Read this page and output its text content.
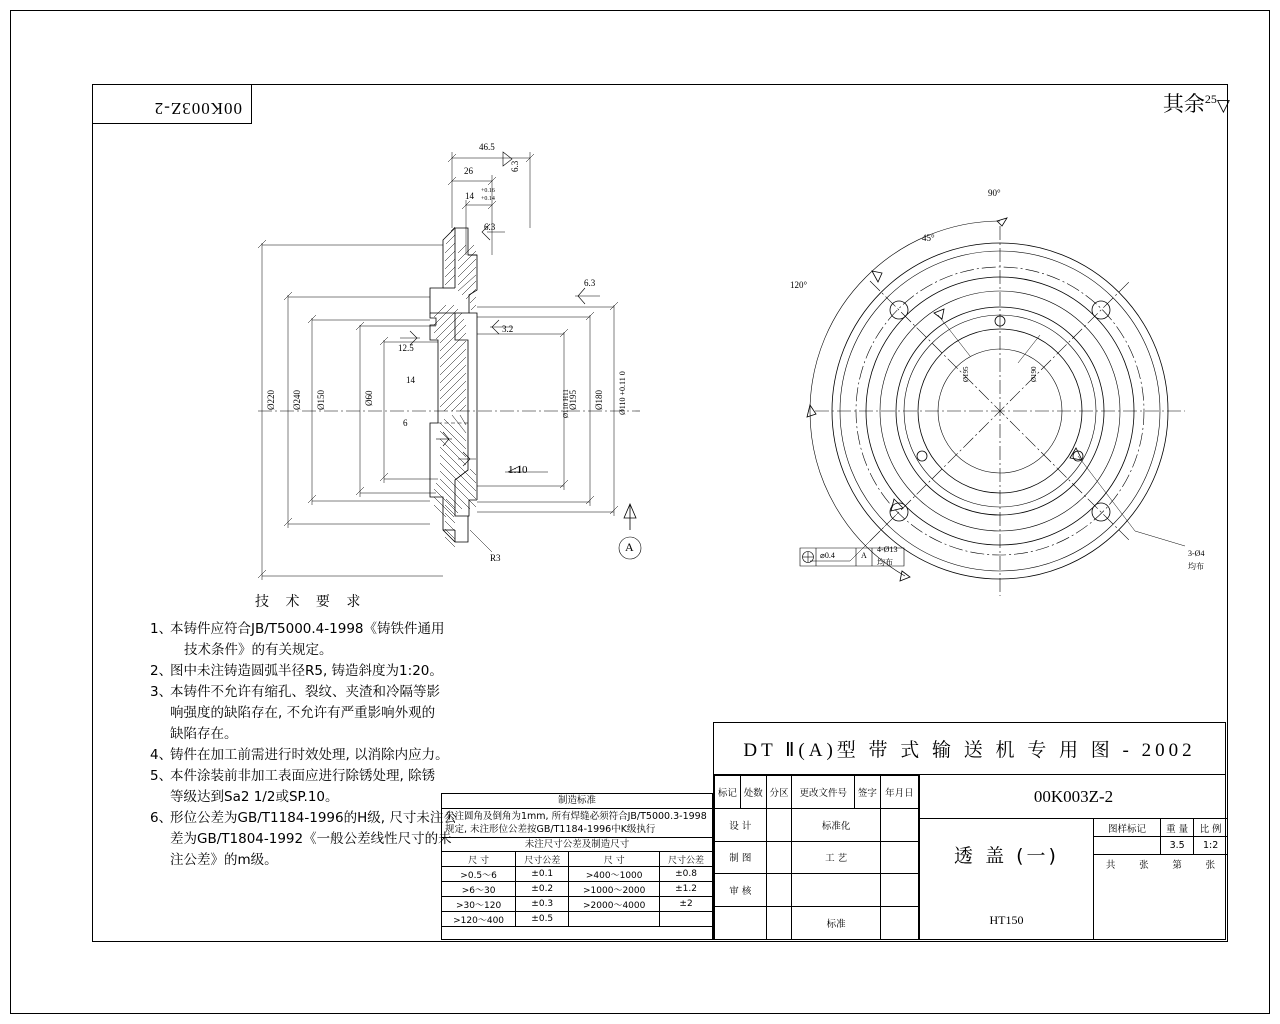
00K003Z-2	其余$^{25}$▽
46.5
26
14 +0.16
+0.14
6.3
6.3
6.3
3.2
12.5
Ø220 Ø240 Ø150	Ø60
14
6
Ø195 Ø180 Ø110 +0.11 0
Ø110 H11
1:10
R3
A
90°
45°
120°
Ø195	Ø190
⌀0.4	A
4-Ø13
均布
3-Ø4
均布
技 术 要 求
1、
本铸件应符合JB/T5000.4-1998《铸铁件通用
技术条件》的有关规定。
2、
图中未注铸造圆弧半径R5, 铸造斜度为1:20。
3、
本铸件不允许有缩孔、裂纹、夹渣和冷隔等影
响强度的缺陷存在, 不允许有严重影响外观的
缺陷存在。
4、
铸件在加工前需进行时效处理, 以消除内应力。
5、
本件涂装前非加工表面应进行除锈处理, 除锈
等级达到Sa2 1/2或SP.10。
6、
形位公差为GB/T1184-1996的H级, 尺寸未注公
差为GB/T1804-1992《一般公差线性尺寸的未
注公差》的m级。
制造标准
未注圆角及倒角为1mm, 所有焊缝必须符合JB/T5000.3-1998
规定, 未注形位公差按GB/T1184-1996中K级执行
未注尺寸公差及制造尺寸
尺 寸	尺寸公差	尺 寸	尺寸公差
>0.5～6	±0.1	>400～1000	±0.8
>6～30	±0.2	>1000～2000	±1.2
>30～120	±0.3	>2000～4000	±2
>120～400	±0.5		
DT Ⅱ(A)型 带 式 输 送 机 专 用 图 - 2002
00K003Z-2
标记	处数	分区	更改文件号	签字	年月日
设 计			标准化		
制 图			工 艺		
审 核					
			标准		
透 盖 (一)
HT150
图样标记	重 量	比 例
	3.5	1:2
共	张	第	张
